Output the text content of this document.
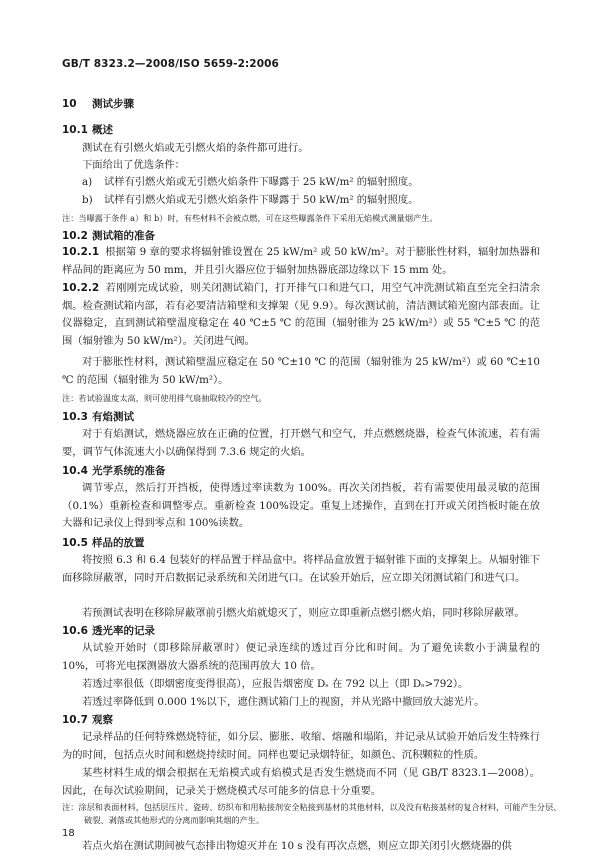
GB/T 8323.2—2008/ISO 5659-2:2006
10 测试步骤
10.1 概述
测试在有引燃火焰或无引燃火焰的条件都可进行。
下面给出了优选条件：
a) 试样有引燃火焰或无引燃火焰条件下曝露于 25 kW/m² 的辐射照度。
b) 试样有引燃火焰或无引燃火焰条件下曝露于 50 kW/m² 的辐射照度。
注：当曝露于条件 a）和 b）时，有些材料不会被点燃，可在这些曝露条件下采用无焰模式测量烟产生。
10.2 测试箱的准备
10.2.1 根据第 9 章的要求将辐射锥设置在 25 kW/m² 或 50 kW/m²。对于膨胀性材料，辐射加热器和样品间的距离应为 50 mm，并且引火器应位于辐射加热器底部边缘以下 15 mm 处。
10.2.2 若刚刚完成试验，则关闭测试箱门，打开排气口和进气口，用空气冲洗测试箱直至完全扫清余烟。检查测试箱内部，若有必要清洁箱壁和支撑架（见 9.9）。每次测试前，清洁测试箱光窗内部表面。让仪器稳定，直到测试箱壁温度稳定在 40 ℃±5 ℃ 的范围（辐射锥为 25 kW/m²）或 55 ℃±5 ℃ 的范围（辐射锥为 50 kW/m²）。关闭进气阀。
对于膨胀性材料，测试箱壁温应稳定在 50 ℃±10 ℃ 的范围（辐射锥为 25 kW/m²）或 60 ℃±10 ℃ 的范围（辐射锥为 50 kW/m²）。
注：若试验温度太高，则可使用排气扇抽取较冷的空气。
10.3 有焰测试
对于有焰测试，燃烧器应放在正确的位置，打开燃气和空气，并点燃燃烧器，检查气体流速，若有需要，调节气体流速大小以确保得到 7.3.6 规定的火焰。
10.4 光学系统的准备
调节零点，然后打开挡板，使得透过率读数为 100%。再次关闭挡板，若有需要使用最灵敏的范围（0.1%）重新检查和调整零点。重新检查 100%设定。重复上述操作，直到在打开或关闭挡板时能在放大器和记录仪上得到零点和 100%读数。
10.5 样品的放置
将按照 6.3 和 6.4 包装好的样品置于样品盒中。将样品盒放置于辐射锥下面的支撑架上。从辐射锥下面移除屏蔽罩，同时开启数据记录系统和关闭进气口。在试验开始后，应立即关闭测试箱门和进气口。
若预测试表明在移除屏蔽罩前引燃火焰就熄灭了，则应立即重新点燃引燃火焰，同时移除屏蔽罩。
10.6 透光率的记录
从试验开始时（即移除屏蔽罩时）便记录连续的透过百分比和时间。为了避免读数小于满量程的 10%，可将光电探测器放大器系统的范围再放大 10 倍。
若透过率很低（即烟密度变得很高），应报告烟密度 Dₛ 在 792 以上（即 Dₛ>792）。
若透过率降低到 0.000 1%以下，遮住测试箱门上的视窗，并从光路中撤回放大滤光片。
10.7 观察
记录样品的任何特殊燃烧特征，如分层、膨胀、收缩、熔融和塌陷，并记录从试验开始后发生特殊行为的时间，包括点火时间和燃烧持续时间。同样也要记录烟特征，如颜色、沉积颗粒的性质。
某些材料生成的烟会根据在无焰模式或有焰模式是否发生燃烧而不同（见 GB/T 8323.1—2008）。因此，在每次试验期间，记录关于燃烧模式尽可能多的信息十分重要。
注：涂层和表面材料，包括层压片、瓷砖、纺织布和用粘接剂安全粘接到基材的其他材料，以及没有粘接基材的复合材料，可能产生分层、破裂、剥落或其他形式的分离而影响其烟的产生。
若点火焰在测试期间被气态排出物熄灭并在 10 s 没有再次点燃，则应立即关闭引火燃烧器的供
18
